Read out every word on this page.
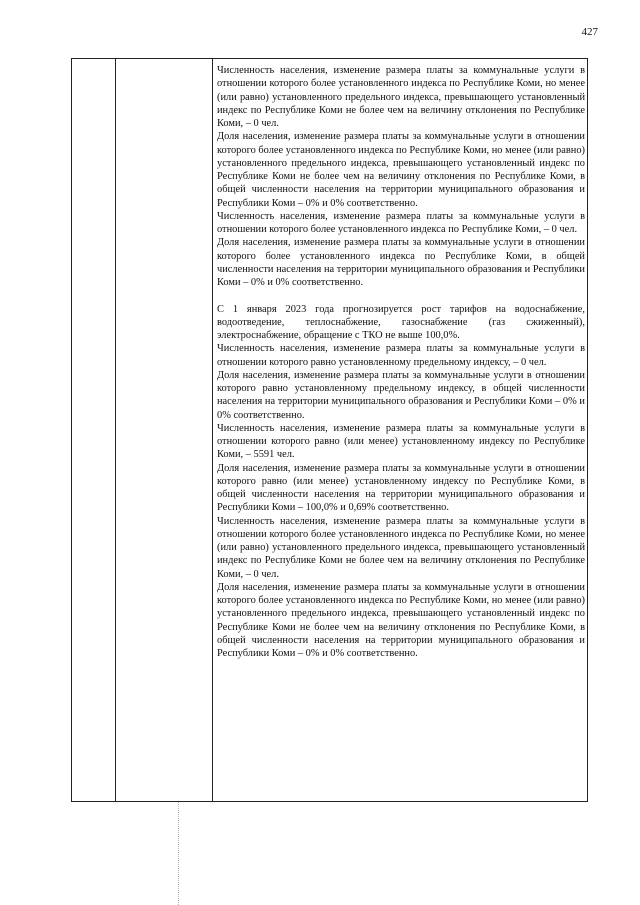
427

Численность населения, изменение размера платы за коммунальные услуги в отношении которого более установленного индекса по Республике Коми, но менее (или равно) установленного предельного индекса, превышающего установленный индекс по Республике Коми не более чем на величину отклонения по Республике Коми, – 0 чел.

Доля населения, изменение размера платы за коммунальные услуги в отношении которого более установленного индекса по Республике Коми, но менее (или равно) установленного предельного индекса, превышающего установленный индекс по Республике Коми не более чем на величину отклонения по Республике Коми, в общей численности населения на территории муниципального образования и Республики Коми – 0% и 0% соответственно.

Численность населения, изменение размера платы за коммунальные услуги в отношении которого более установленного индекса по Республике Коми, – 0 чел.

Доля населения, изменение размера платы за коммунальные услуги в отношении которого более установленного индекса по Республике Коми, в общей численности населения на территории муниципального образования и Республики Коми – 0% и 0% соответственно.

С 1 января 2023 года прогнозируется рост тарифов на водоснабжение, водоотведение, теплоснабжение, газоснабжение (газ сжиженный), электроснабжение, обращение с ТКО не выше 100,0%.

Численность населения, изменение размера платы за коммунальные услуги в отношении которого равно установленному предельному индексу, – 0 чел.

Доля населения, изменение размера платы за коммунальные услуги в отношении которого равно установленному предельному индексу, в общей численности населения на территории муниципального образования и Республики Коми – 0% и 0% соответственно.

Численность населения, изменение размера платы за коммунальные услуги в отношении которого равно (или менее) установленному индексу по Республике Коми, – 5591 чел.

Доля населения, изменение размера платы за коммунальные услуги в отношении которого равно (или менее) установленному индексу по Республике Коми, в общей численности населения на территории муниципального образования и Республики Коми – 100,0% и 0,69% соответственно.

Численность населения, изменение размера платы за коммунальные услуги в отношении которого более установленного индекса по Республике Коми, но менее (или равно) установленного предельного индекса, превышающего установленный индекс по Республике Коми не более чем на величину отклонения по Республике Коми, – 0 чел.

Доля населения, изменение размера платы за коммунальные услуги в отношении которого более установленного индекса по Республике Коми, но менее (или равно) установленного предельного индекса, превышающего установленный индекс по Республике Коми не более чем на величину отклонения по Республике Коми, в общей численности населения на территории муниципального образования и Республики Коми – 0% и 0% соответственно.
